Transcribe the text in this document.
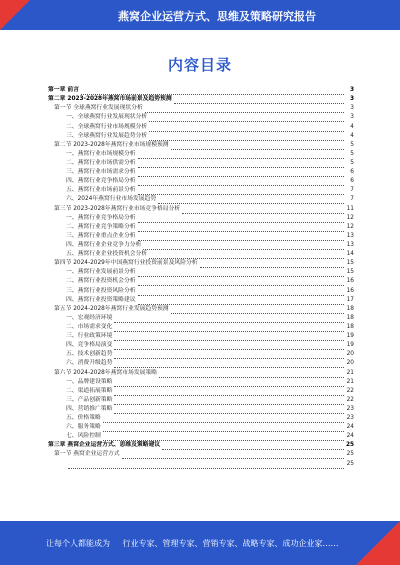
燕窝企业运营方式、思维及策略研究报告
内容目录
第一章 前言	3
第二章 2023-2028年燕窝市场前景及趋势预测	3
第一节 全球燕窝行业发展现状分析	3
一、全球燕窝行业发展现状分析	3
二、全球燕窝行业市场规模分析	4
三、全球燕窝行业发展趋势分析	4
第二节 2023-2028年燕窝行业市场规模预测	5
一、燕窝行业市场规模分析	5
二、燕窝行业市场供需分析	5
三、燕窝行业市场需求分析	6
四、燕窝行业竞争格局分析	6
五、燕窝行业市场前景分析	7
六、2024年燕窝行业市场发展趋势	7
第三节 2023-2028年燕窝行业市场竞争格局分析	11
一、燕窝行业竞争格局分析	12
二、燕窝行业竞争策略分析	12
三、燕窝行业重点企业分析	13
四、燕窝行业企业竞争力分析	13
五、燕窝行业企业投资机会分析	14
第四节 2024-2029年中国燕窝行业投资前景及风险分析	15
一、燕窝行业发展前景分析	15
二、燕窝行业投资机会分析	16
三、燕窝行业投资风险分析	16
四、燕窝行业投资策略建议	17
第五节 2024-2028年燕窝行业发展趋势预测	18
一、宏观经济环境	18
二、市场需求变化	18
三、行业政策环境	19
四、竞争格局演变	19
五、技术创新趋势	20
六、消费升级趋势	20
第六节 2024-2028年燕窝市场发展策略	21
一、品牌建设策略	21
二、渠道拓展策略	22
三、产品创新策略	22
四、营销推广策略	23
五、价格策略	23
六、服务策略	24
七、风险控制	24
第三章 燕窝企业运营方式、思维及策略建议	25
第一节 燕窝企业运营方式	25
25
让每个人都能成为 行业专家、管理专家、营销专家、战略专家、成功企业家……
